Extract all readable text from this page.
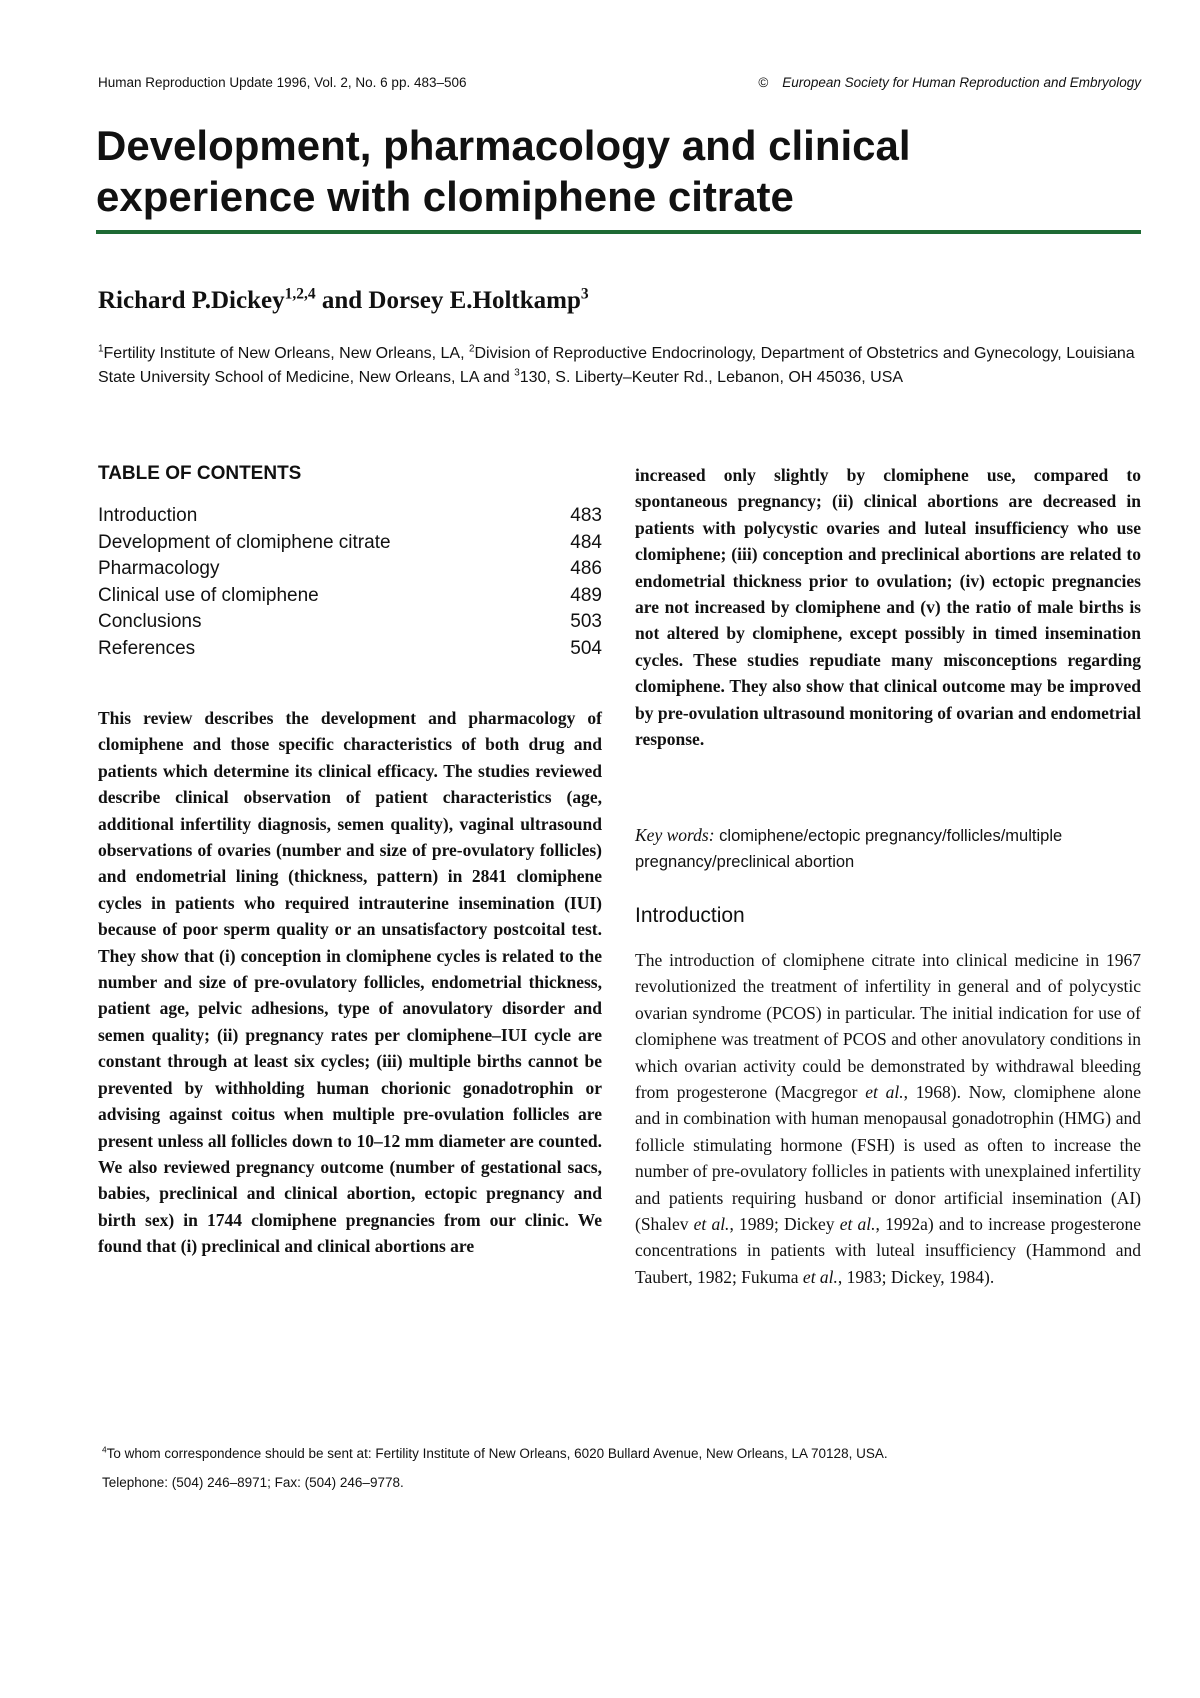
Human Reproduction Update 1996, Vol. 2, No. 6 pp. 483–506	© European Society for Human Reproduction and Embryology
Development, pharmacology and clinical
experience with clomiphene citrate
Richard P.Dickey$^{1,2,4}$ and Dorsey E.Holtkamp$^3$
$^1$Fertility Institute of New Orleans, New Orleans, LA, $^2$Division of Reproductive Endocrinology, Department of Obstetrics and Gynecology, Louisiana State University School of Medicine, New Orleans, LA and $^3$130, S. Liberty–Keuter Rd., Lebanon, OH 45036, USA
TABLE OF CONTENTS
Introduction	483
Development of clomiphene citrate	484
Pharmacology	486
Clinical use of clomiphene	489
Conclusions	503
References	504

This review describes the development and pharmacology of clomiphene and those specific characteristics of both drug and patients which determine its clinical efficacy. The studies reviewed describe clinical observation of patient characteristics (age, additional infertility diagnosis, semen quality), vaginal ultrasound observations of ovaries (number and size of pre-ovulatory follicles) and endometrial lining (thickness, pattern) in 2841 clomiphene cycles in patients who required intrauterine insemination (IUI) because of poor sperm quality or an unsatisfactory postcoital test. They show that (i) conception in clomiphene cycles is related to the number and size of pre-ovulatory follicles, endometrial thickness, patient age, pelvic adhesions, type of anovulatory disorder and semen quality; (ii) pregnancy rates per clomiphene–IUI cycle are constant through at least six cycles; (iii) multiple births cannot be prevented by withholding human chorionic gonadotrophin or advising against coitus when multiple pre-ovulation follicles are present unless all follicles down to 10–12 mm diameter are counted. We also reviewed pregnancy outcome (number of gestational sacs, babies, preclinical and clinical abortion, ectopic pregnancy and birth sex) in 1744 clomiphene pregnancies from our clinic. We found that (i) preclinical and clinical abortions are

increased only slightly by clomiphene use, compared to spontaneous pregnancy; (ii) clinical abortions are decreased in patients with polycystic ovaries and luteal insufficiency who use clomiphene; (iii) conception and preclinical abortions are related to endometrial thickness prior to ovulation; (iv) ectopic pregnancies are not increased by clomiphene and (v) the ratio of male births is not altered by clomiphene, except possibly in timed insemination cycles. These studies repudiate many misconceptions regarding clomiphene. They also show that clinical outcome may be improved by pre-ovulation ultrasound monitoring of ovarian and endometrial response.

Key words: clomiphene/ectopic pregnancy/follicles/multiple pregnancy/preclinical abortion

Introduction

The introduction of clomiphene citrate into clinical medicine in 1967 revolutionized the treatment of infertility in general and of polycystic ovarian syndrome (PCOS) in particular. The initial indication for use of clomiphene was treatment of PCOS and other anovulatory conditions in which ovarian activity could be demonstrated by withdrawal bleeding from progesterone (Macgregor et al., 1968). Now, clomiphene alone and in combination with human menopausal gonadotrophin (HMG) and follicle stimulating hormone (FSH) is used as often to increase the number of pre-ovulatory follicles in patients with unexplained infertility and patients requiring husband or donor artificial insemination (AI) (Shalev et al., 1989; Dickey et al., 1992a) and to increase progesterone concentrations in patients with luteal insufficiency (Hammond and Taubert, 1982; Fukuma et al., 1983; Dickey, 1984).

$^4$To whom correspondence should be sent at: Fertility Institute of New Orleans, 6020 Bullard Avenue, New Orleans, LA 70128, USA.

Telephone: (504) 246–8971; Fax: (504) 246–9778.
